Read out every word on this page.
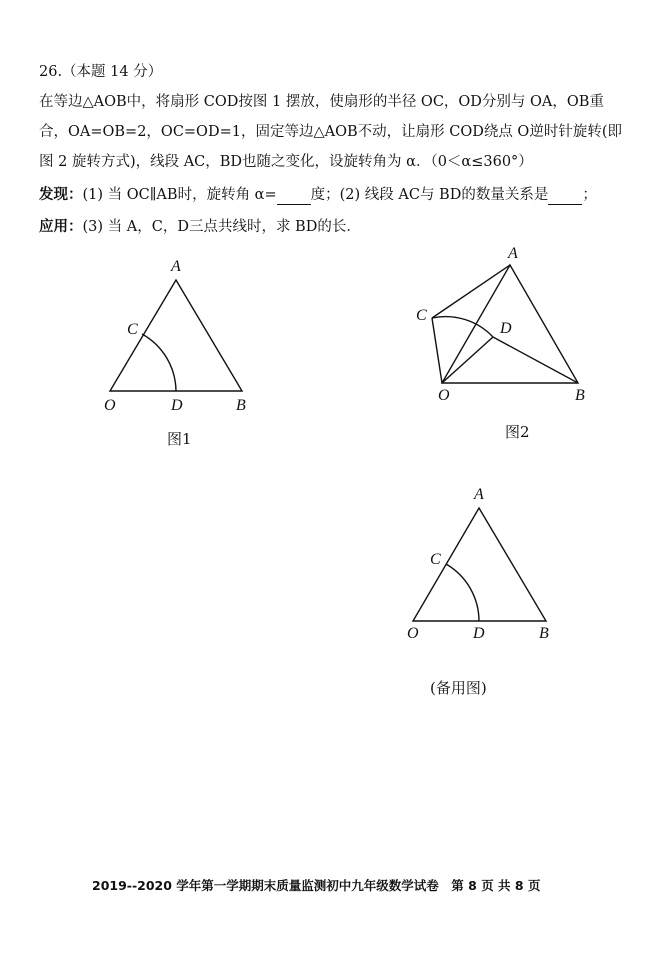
26.（本题 14 分）
在等边△AOB中，将扇形 COD按图 1 摆放，使扇形的半径 OC，OD分别与 OA，OB重
合，OA=OB=2，OC=OD=1，固定等边△AOB不动，让扇形 COD绕点 O逆时针旋转(即
图 2 旋转方式)，线段 AC，BD也随之变化，设旋转角为 α．（0＜α≤360°）
发现：(1) 当 OC∥AB时，旋转角 α= 度；(2) 线段 AC与 BD的数量关系是 ；
应用：(3) 当 A，C，D三点共线时，求 BD的长．
A
C
O	D	B
图1
A
C
D
O	B
图2
A
C
O	D	B
(备用图)
2019--2020 学年第一学期期末质量监测初中九年级数学试卷　第 8 页 共 8 页
